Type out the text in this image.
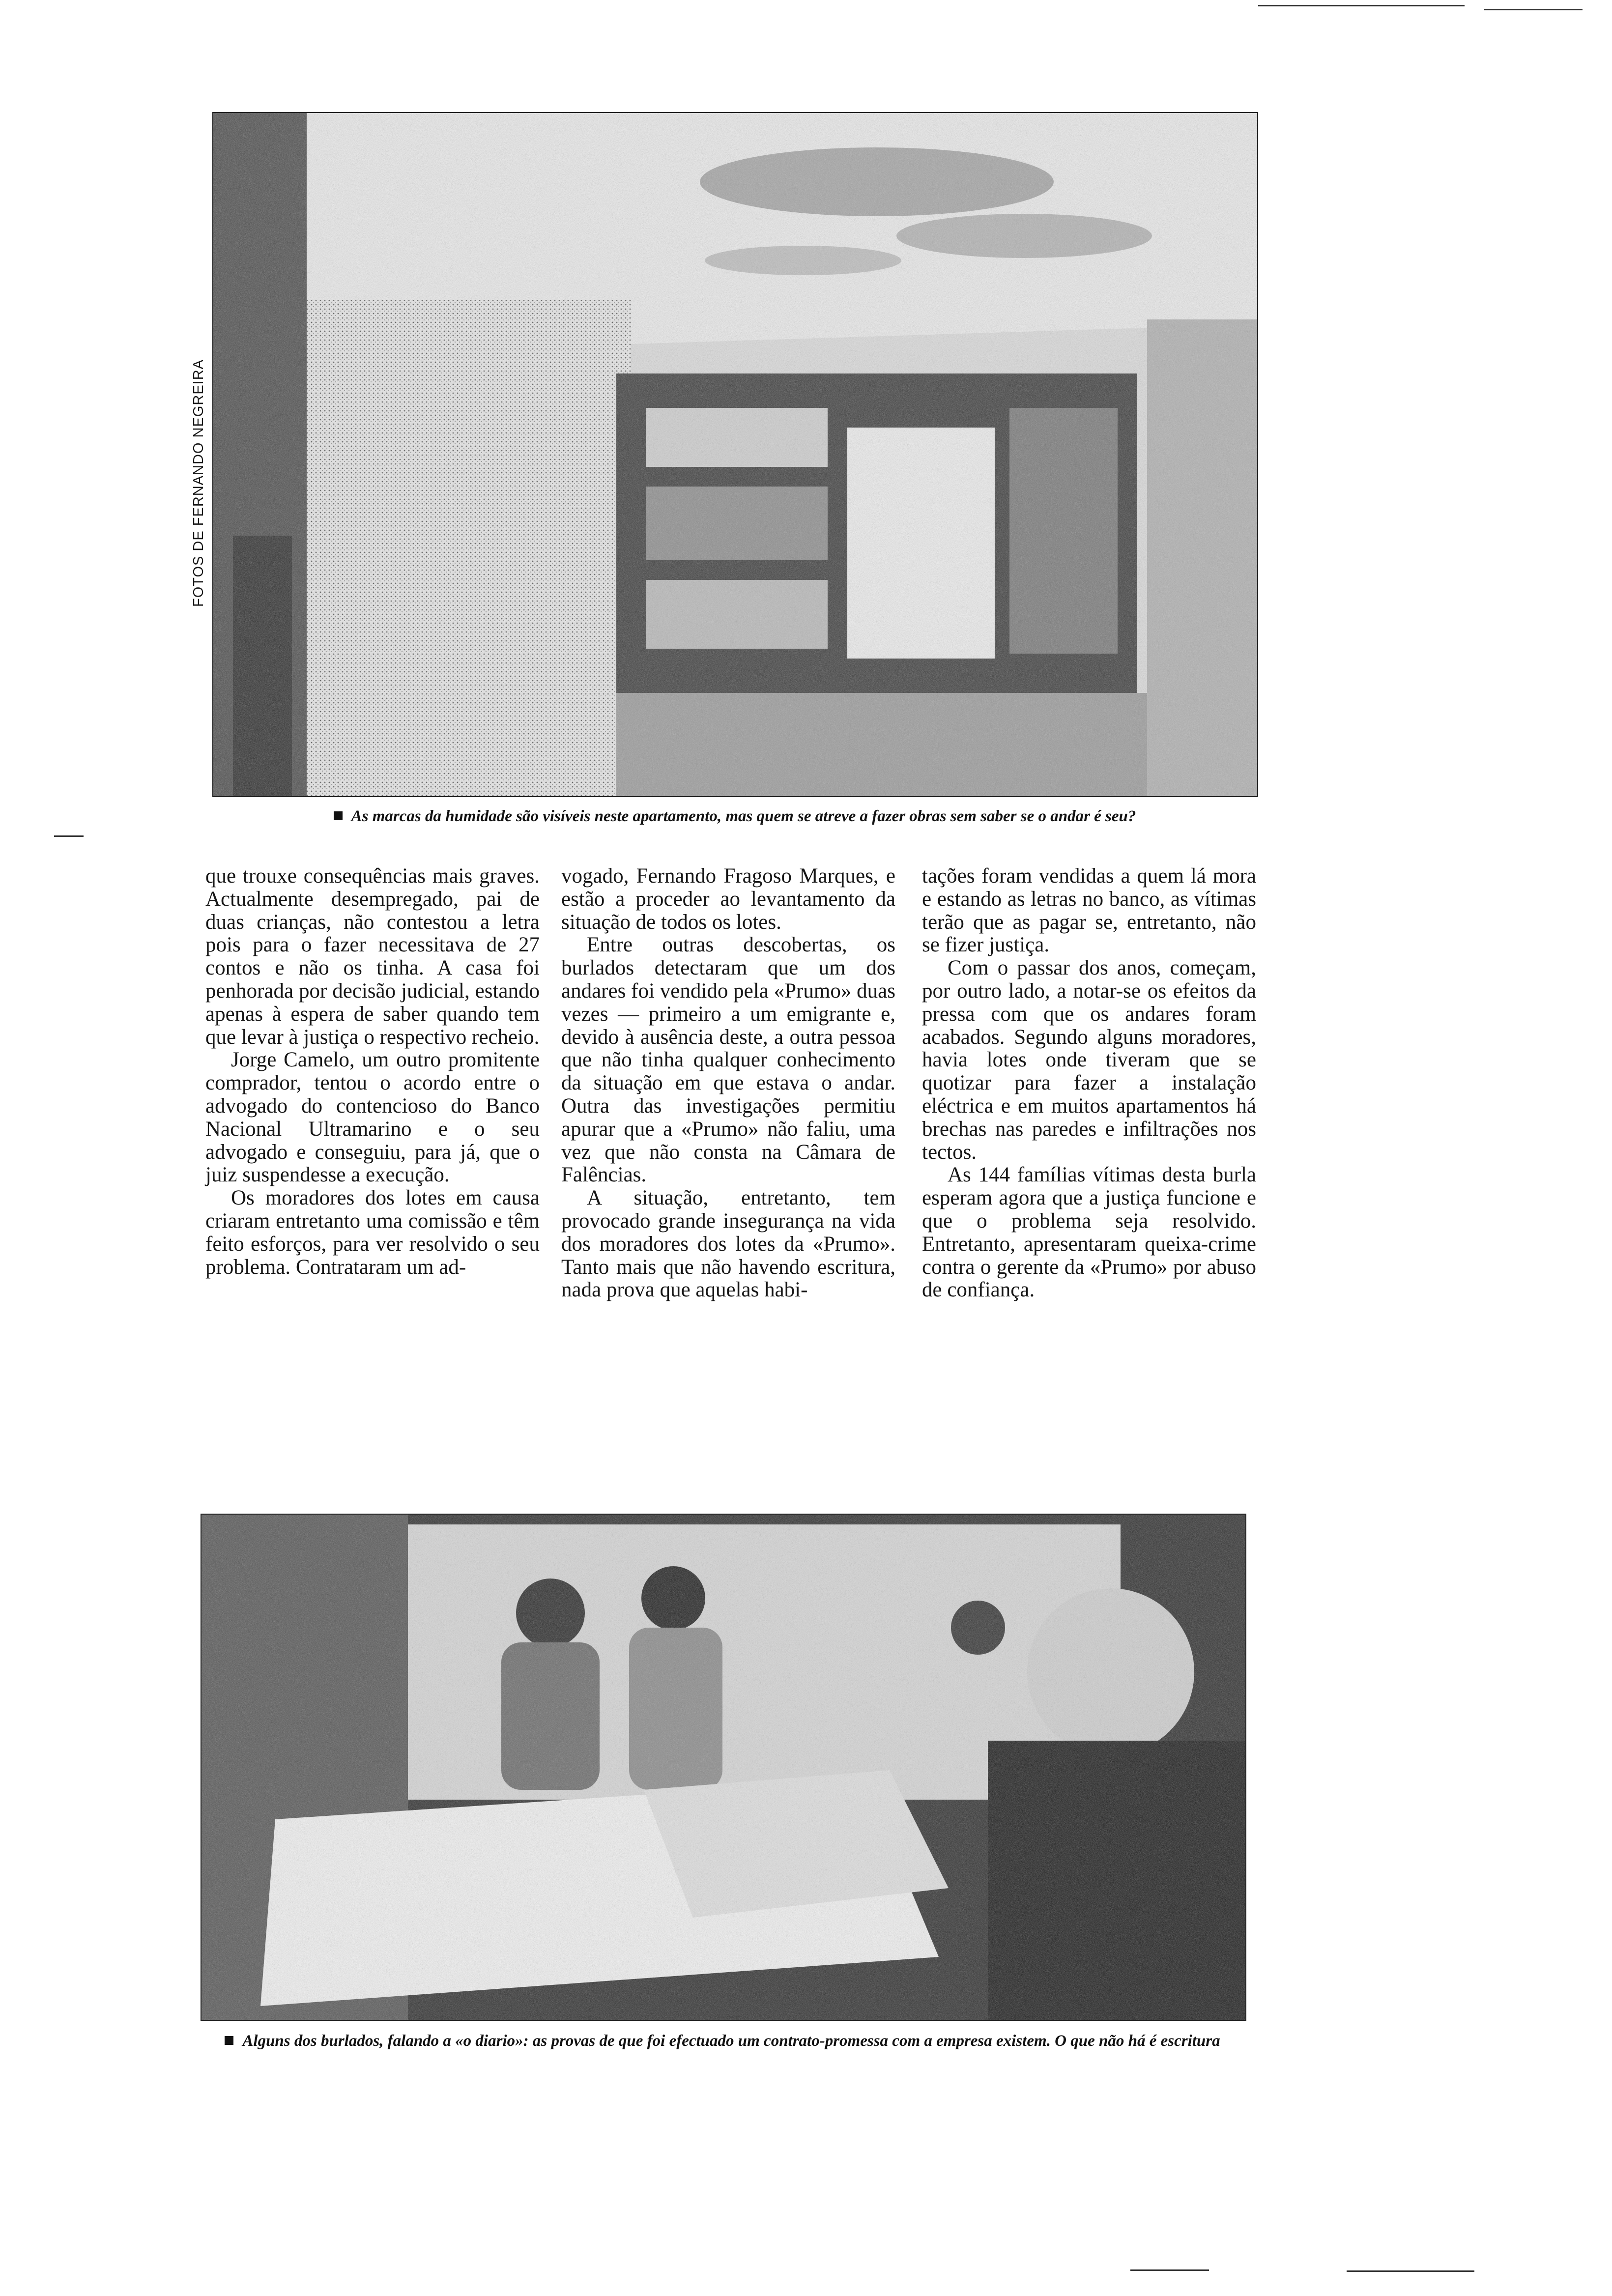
FOTOS DE FERNANDO NEGREIRA
As marcas da humidade são visíveis neste apartamento, mas quem se atreve a fazer obras sem saber se o andar é seu?

que trouxe consequências mais graves. Actualmente desempregado, pai de duas crianças, não contestou a letra pois para o fazer necessitava de 27 contos e não os tinha. A casa foi penhorada por decisão judicial, estando apenas à espera de saber quando tem que levar à justiça o respectivo recheio.

Jorge Camelo, um outro promitente comprador, tentou o acordo entre o advogado do contencioso do Banco Nacional Ultramarino e o seu advogado e conseguiu, para já, que o juiz suspendesse a execução.

Os moradores dos lotes em causa criaram entretanto uma comissão e têm feito esforços, para ver resolvido o seu problema. Contrataram um ad-

vogado, Fernando Fragoso Marques, e estão a proceder ao levantamento da situação de todos os lotes.

Entre outras descobertas, os burlados detectaram que um dos andares foi vendido pela «Prumo» duas vezes — primeiro a um emigrante e, devido à ausência deste, a outra pessoa que não tinha qualquer conhecimento da situação em que estava o andar. Outra das investigações permitiu apurar que a «Prumo» não faliu, uma vez que não consta na Câmara de Falências.

A situação, entretanto, tem provocado grande insegurança na vida dos moradores dos lotes da «Prumo». Tanto mais que não havendo escritura, nada prova que aquelas habi-

tações foram vendidas a quem lá mora e estando as letras no banco, as vítimas terão que as pagar se, entretanto, não se fizer justiça.

Com o passar dos anos, começam, por outro lado, a notar-se os efeitos da pressa com que os andares foram acabados. Segundo alguns moradores, havia lotes onde tiveram que se quotizar para fazer a instalação eléctrica e em muitos apartamentos há brechas nas paredes e infiltrações nos tectos.

As 144 famílias vítimas desta burla esperam agora que a justiça funcione e que o problema seja resolvido. Entretanto, apresentaram queixa-crime contra o gerente da «Prumo» por abuso de confiança.

Alguns dos burlados, falando a «o diario»: as provas de que foi efectuado um contrato-promessa com a empresa existem. O que não há é escritura
